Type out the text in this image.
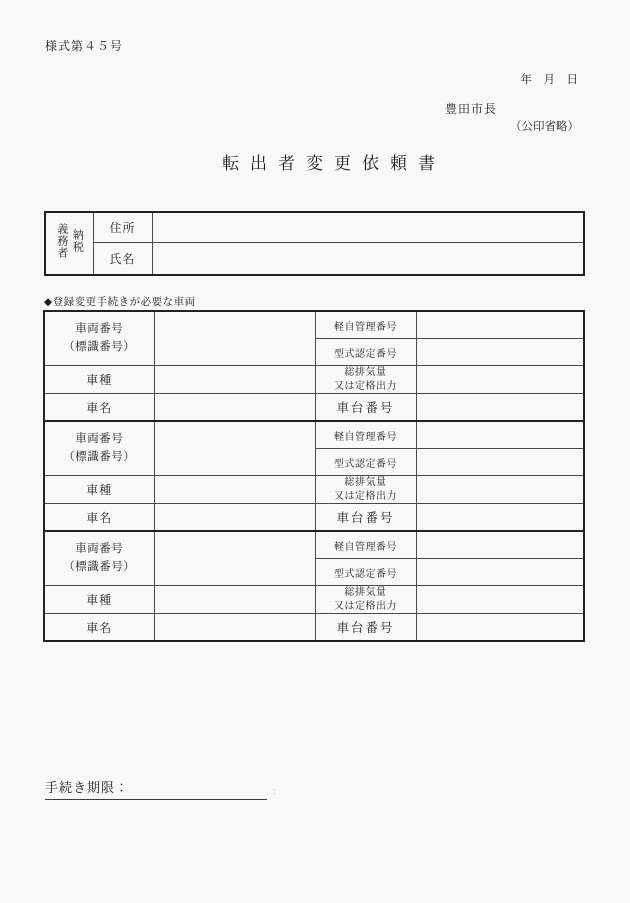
様式第４５号
年　月　日
豊田市長
（公印省略）
転出者変更依頼書
納税
義務者	住所	
	氏名	
◆登録変更手続きが必要な車両
車両番号
（標識番号）		軽自管理番号	
		型式認定番号	
車種		総排気量
又は定格出力	

車名		車台番号	

車両番号
（標識番号）		軽自管理番号	
		型式認定番号	
車種		総排気量
又は定格出力	

車名		車台番号	

車両番号
（標識番号）		軽自管理番号	
		型式認定番号	
車種		総排気量
又は定格出力	

車名		車台番号	
手続き期限：	：
